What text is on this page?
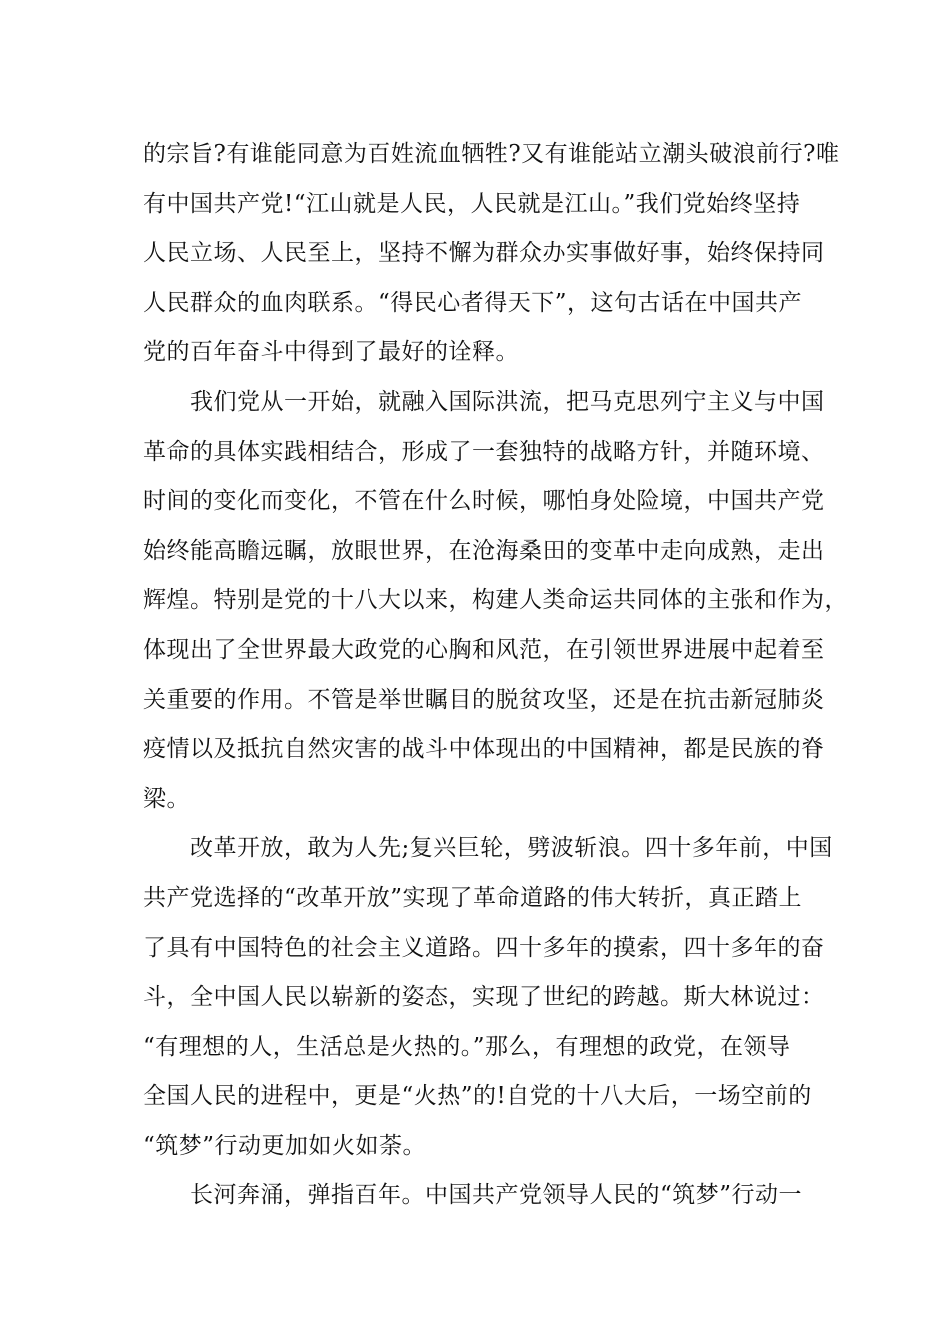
的宗旨?有谁能同意为百姓流血牺牲?又有谁能站立潮头破浪前行?唯
有中国共产党!“江山就是人民，人民就是江山。”我们党始终坚持
人民立场、人民至上，坚持不懈为群众办实事做好事，始终保持同
人民群众的血肉联系。“得民心者得天下”，这句古话在中国共产
党的百年奋斗中得到了最好的诠释。
我们党从一开始，就融入国际洪流，把马克思列宁主义与中国
革命的具体实践相结合，形成了一套独特的战略方针，并随环境、
时间的变化而变化，不管在什么时候，哪怕身处险境，中国共产党
始终能高瞻远瞩，放眼世界，在沧海桑田的变革中走向成熟，走出
辉煌。特别是党的十八大以来，构建人类命运共同体的主张和作为，
体现出了全世界最大政党的心胸和风范，在引领世界进展中起着至
关重要的作用。不管是举世瞩目的脱贫攻坚，还是在抗击新冠肺炎
疫情以及抵抗自然灾害的战斗中体现出的中国精神，都是民族的脊
梁。
改革开放，敢为人先;复兴巨轮，劈波斩浪。四十多年前，中国
共产党选择的“改革开放”实现了革命道路的伟大转折，真正踏上
了具有中国特色的社会主义道路。四十多年的摸索，四十多年的奋
斗，全中国人民以崭新的姿态，实现了世纪的跨越。斯大林说过：
“有理想的人，生活总是火热的。”那么，有理想的政党，在领导
全国人民的进程中，更是“火热”的!自党的十八大后，一场空前的
“筑梦”行动更加如火如荼。
长河奔涌，弹指百年。中国共产党领导人民的“筑梦”行动一
